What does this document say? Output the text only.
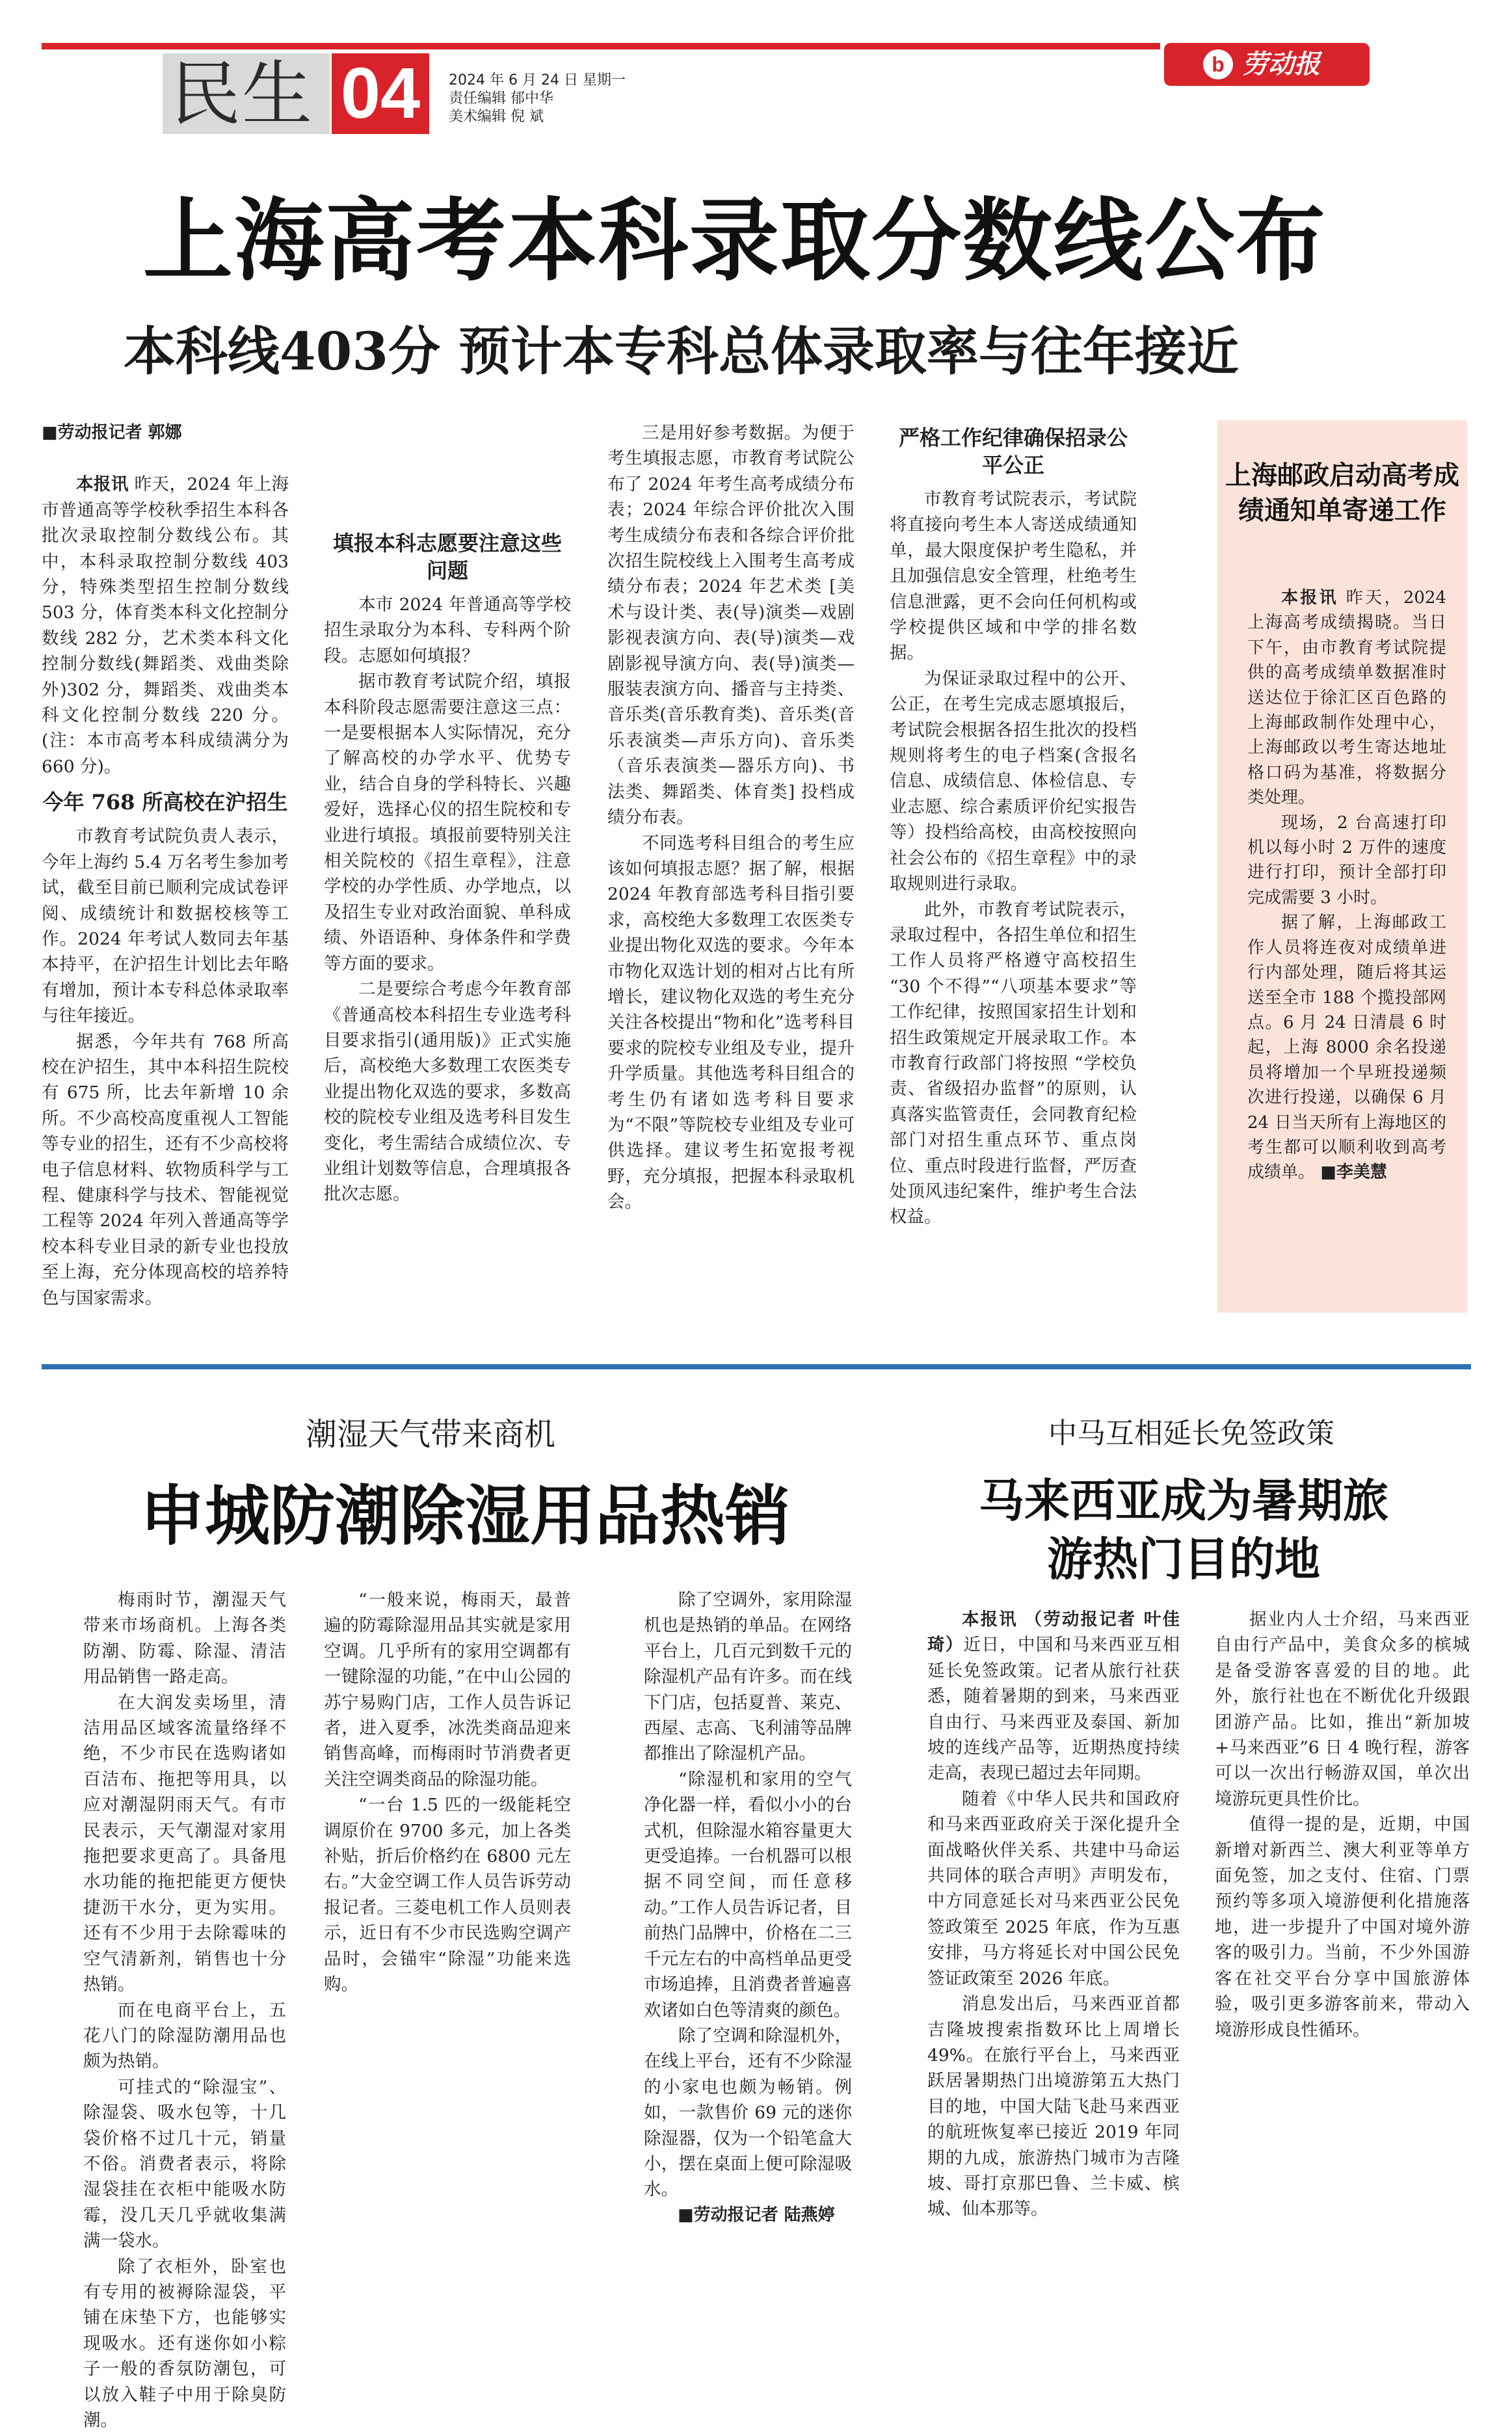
民生 04	2024 年 6 月 24 日 星期一
责任编辑 郁中华
美术编辑 倪 斌
b 劳动报
上海高考本科录取分数线公布
本科线403分 预计本专科总体录取率与往年接近

■劳动报记者 郭娜

本报讯 昨天，2024 年上海市普通高等学校秋季招生本科各批次录取控制分数线公布。其中，本科录取控制分数线 403 分，特殊类型招生控制分数线 503 分，体育类本科文化控制分数线 282 分，艺术类本科文化控制分数线(舞蹈类、戏曲类除外)302 分，舞蹈类、戏曲类本科文化控制分数线 220 分。(注：本市高考本科成绩满分为 660 分)。

今年 768 所高校在沪招生

市教育考试院负责人表示，今年上海约 5.4 万名考生参加考试，截至目前已顺利完成试卷评阅、成绩统计和数据校核等工作。2024 年考试人数同去年基本持平，在沪招生计划比去年略有增加，预计本专科总体录取率与往年接近。

据悉，今年共有 768 所高校在沪招生，其中本科招生院校有 675 所，比去年新增 10 余所。不少高校高度重视人工智能等专业的招生，还有不少高校将电子信息材料、软物质科学与工程、健康科学与技术、智能视觉工程等 2024 年列入普通高等学校本科专业目录的新专业也投放至上海，充分体现高校的培养特色与国家需求。

填报本科志愿要注意这些问题

本市 2024 年普通高等学校招生录取分为本科、专科两个阶段。志愿如何填报？

据市教育考试院介绍，填报本科阶段志愿需要注意这三点：一是要根据本人实际情况，充分了解高校的办学水平、优势专业，结合自身的学科特长、兴趣爱好，选择心仪的招生院校和专业进行填报。填报前要特别关注相关院校的《招生章程》，注意学校的办学性质、办学地点，以及招生专业对政治面貌、单科成绩、外语语种、身体条件和学费等方面的要求。

二是要综合考虑今年教育部《普通高校本科招生专业选考科目要求指引(通用版)》正式实施后，高校绝大多数理工农医类专业提出物化双选的要求，多数高校的院校专业组及选考科目发生变化，考生需结合成绩位次、专业组计划数等信息，合理填报各批次志愿。

三是用好参考数据。为便于考生填报志愿，市教育考试院公布了 2024 年考生高考成绩分布表；2024 年综合评价批次入围考生成绩分布表和各综合评价批次招生院校线上入围考生高考成绩分布表；2024 年艺术类 [美术与设计类、表(导)演类—戏剧影视表演方向、表(导)演类—戏剧影视导演方向、表(导)演类—服装表演方向、播音与主持类、音乐类(音乐教育类)、音乐类(音乐表演类—声乐方向)、音乐类（音乐表演类—器乐方向)、书法类、舞蹈类、体育类] 投档成绩分布表。

不同选考科目组合的考生应该如何填报志愿？据了解，根据 2024 年教育部选考科目指引要求，高校绝大多数理工农医类专业提出物化双选的要求。今年本市物化双选计划的相对占比有所增长，建议物化双选的考生充分关注各校提出“物和化”选考科目要求的院校专业组及专业，提升升学质量。其他选考科目组合的考生仍有诸如选考科目要求为“不限”等院校专业组及专业可供选择。建议考生拓宽报考视野，充分填报，把握本科录取机会。

严格工作纪律确保招录公平公正

市教育考试院表示，考试院将直接向考生本人寄送成绩通知单，最大限度保护考生隐私，并且加强信息安全管理，杜绝考生信息泄露，更不会向任何机构或学校提供区域和中学的排名数据。

为保证录取过程中的公开、公正，在考生完成志愿填报后，考试院会根据各招生批次的投档规则将考生的电子档案(含报名信息、成绩信息、体检信息、专业志愿、综合素质评价纪实报告等）投档给高校，由高校按照向社会公布的《招生章程》中的录取规则进行录取。

此外，市教育考试院表示，录取过程中，各招生单位和招生工作人员将严格遵守高校招生 “30 个不得”“八项基本要求”等工作纪律，按照国家招生计划和招生政策规定开展录取工作。本市教育行政部门将按照 “学校负责、省级招办监督”的原则，认真落实监管责任，会同教育纪检部门对招生重点环节、重点岗位、重点时段进行监督，严厉查处顶风违纪案件，维护考生合法权益。

上海邮政启动高考成绩通知单寄递工作

本报讯 昨天，2024 上海高考成绩揭晓。当日下午，由市教育考试院提供的高考成绩单数据准时送达位于徐汇区百色路的上海邮政制作处理中心，上海邮政以考生寄达地址格口码为基准，将数据分类处理。

现场，2 台高速打印机以每小时 2 万件的速度进行打印，预计全部打印完成需要 3 小时。

据了解，上海邮政工作人员将连夜对成绩单进行内部处理，随后将其运送至全市 188 个揽投部网点。6 月 24 日清晨 6 时起，上海 8000 余名投递员将增加一个早班投递频次进行投递，以确保 6 月 24 日当天所有上海地区的考生都可以顺利收到高考成绩单。 ■李美慧

潮湿天气带来商机
申城防潮除湿用品热销

梅雨时节，潮湿天气带来市场商机。上海各类防潮、防霉、除湿、清洁用品销售一路走高。

在大润发卖场里，清洁用品区域客流量络绎不绝，不少市民在选购诸如百洁布、拖把等用具，以应对潮湿阴雨天气。有市民表示，天气潮湿对家用拖把要求更高了。具备甩水功能的拖把能更方便快捷沥干水分，更为实用。还有不少用于去除霉味的空气清新剂，销售也十分热销。

而在电商平台上，五花八门的除湿防潮用品也颇为热销。

可挂式的“除湿宝”、除湿袋、吸水包等，十几袋价格不过几十元，销量不俗。消费者表示，将除湿袋挂在衣柜中能吸水防霉，没几天几乎就收集满满一袋水。

除了衣柜外，卧室也有专用的被褥除湿袋，平铺在床垫下方，也能够实现吸水。还有迷你如小粽子一般的香氛防潮包，可以放入鞋子中用于除臭防潮。

“一般来说，梅雨天，最普遍的防霉除湿用品其实就是家用空调。几乎所有的家用空调都有一键除湿的功能，”在中山公园的苏宁易购门店，工作人员告诉记者，进入夏季，冰洗类商品迎来销售高峰，而梅雨时节消费者更关注空调类商品的除湿功能。

“一台 1.5 匹的一级能耗空调原价在 9700 多元，加上各类补贴，折后价格约在 6800 元左右。”大金空调工作人员告诉劳动报记者。三菱电机工作人员则表示，近日有不少市民选购空调产品时，会锚牢“除湿”功能来选购。

除了空调外，家用除湿机也是热销的单品。在网络平台上，几百元到数千元的除湿机产品有许多。而在线下门店，包括夏普、莱克、西屋、志高、飞利浦等品牌都推出了除湿机产品。

“除湿机和家用的空气净化器一样，看似小小的台式机，但除湿水箱容量更大更受追捧。一台机器可以根据不同空间，而任意移动。”工作人员告诉记者，目前热门品牌中，价格在二三千元左右的中高档单品更受市场追捧，且消费者普遍喜欢诸如白色等清爽的颜色。

除了空调和除湿机外，在线上平台，还有不少除湿的小家电也颇为畅销。例如，一款售价 69 元的迷你除湿器，仅为一个铅笔盒大小，摆在桌面上便可除湿吸水。

■劳动报记者 陆燕婷

中马互相延长免签政策
马来西亚成为暑期旅游热门目的地

本报讯 （劳动报记者 叶佳琦）近日，中国和马来西亚互相延长免签政策。记者从旅行社获悉，随着暑期的到来，马来西亚自由行、马来西亚及泰国、新加坡的连线产品等，近期热度持续走高，表现已超过去年同期。

随着《中华人民共和国政府和马来西亚政府关于深化提升全面战略伙伴关系、共建中马命运共同体的联合声明》声明发布，中方同意延长对马来西亚公民免签政策至 2025 年底，作为互惠安排，马方将延长对中国公民免签证政策至 2026 年底。

消息发出后，马来西亚首都吉隆坡搜索指数环比上周增长 49%。在旅行平台上，马来西亚跃居暑期热门出境游第五大热门目的地，中国大陆飞赴马来西亚的航班恢复率已接近 2019 年同期的九成，旅游热门城市为吉隆坡、哥打京那巴鲁、兰卡威、槟城、仙本那等。

据业内人士介绍，马来西亚自由行产品中，美食众多的槟城是备受游客喜爱的目的地。此外，旅行社也在不断优化升级跟团游产品。比如，推出“新加坡+马来西亚”6 日 4 晚行程，游客可以一次出行畅游双国，单次出境游玩更具性价比。

值得一提的是，近期，中国新增对新西兰、澳大利亚等单方面免签，加之支付、住宿、门票预约等多项入境游便利化措施落地，进一步提升了中国对境外游客的吸引力。当前，不少外国游客在社交平台分享中国旅游体验，吸引更多游客前来，带动入境游形成良性循环。
